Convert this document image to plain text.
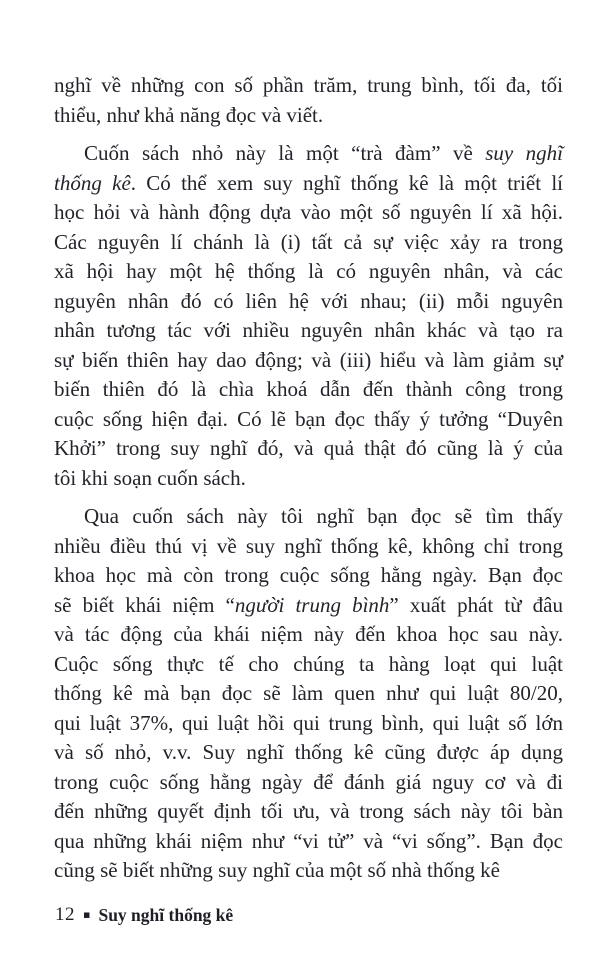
nghĩ về những con số phần trăm, trung bình, tối đa, tối
thiểu, như khả năng đọc và viết.
Cuốn sách nhỏ này là một “trà đàm” về suy nghĩ
thống kê. Có thể xem suy nghĩ thống kê là một triết lí
học hỏi và hành động dựa vào một số nguyên lí xã hội.
Các nguyên lí chánh là (i) tất cả sự việc xảy ra trong
xã hội hay một hệ thống là có nguyên nhân, và các
nguyên nhân đó có liên hệ với nhau; (ii) mỗi nguyên
nhân tương tác với nhiều nguyên nhân khác và tạo ra
sự biến thiên hay dao động; và (iii) hiểu và làm giảm sự
biến thiên đó là chìa khoá dẫn đến thành công trong
cuộc sống hiện đại. Có lẽ bạn đọc thấy ý tưởng “Duyên
Khởi” trong suy nghĩ đó, và quả thật đó cũng là ý của
tôi khi soạn cuốn sách.
Qua cuốn sách này tôi nghĩ bạn đọc sẽ tìm thấy
nhiều điều thú vị về suy nghĩ thống kê, không chỉ trong
khoa học mà còn trong cuộc sống hằng ngày. Bạn đọc
sẽ biết khái niệm “người trung bình” xuất phát từ đâu
và tác động của khái niệm này đến khoa học sau này.
Cuộc sống thực tế cho chúng ta hàng loạt qui luật
thống kê mà bạn đọc sẽ làm quen như qui luật 80/20,
qui luật 37%, qui luật hồi qui trung bình, qui luật số lớn
và số nhỏ, v.v. Suy nghĩ thống kê cũng được áp dụng
trong cuộc sống hằng ngày để đánh giá nguy cơ và đi
đến những quyết định tối ưu, và trong sách này tôi bàn
qua những khái niệm như “vi tử” và “vi sống”. Bạn đọc
cũng sẽ biết những suy nghĩ của một số nhà thống kê
12 ▪ Suy nghĩ thống kê
